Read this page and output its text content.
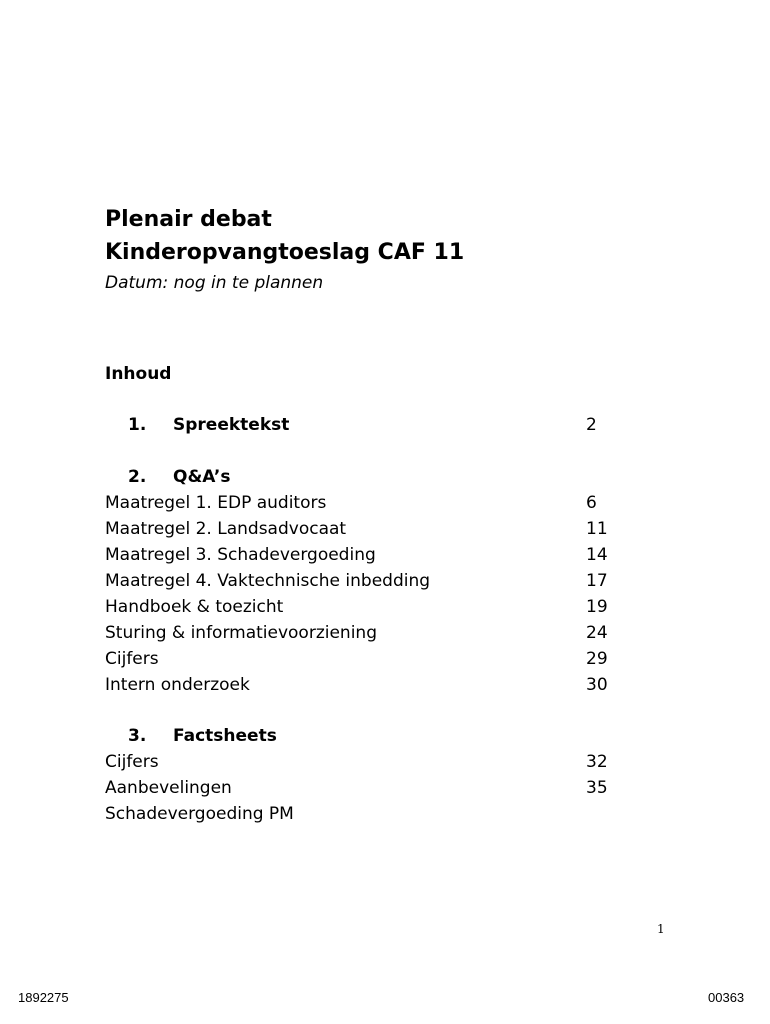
Plenair debat
Kinderopvangtoeslag CAF 11
Datum: nog in te plannen
Inhoud
1. Spreektekst	2
2. Q&A’s
Maatregel 1. EDP auditors	6
Maatregel 2. Landsadvocaat	11
Maatregel 3. Schadevergoeding	14
Maatregel 4. Vaktechnische inbedding	17
Handboek & toezicht	19
Sturing & informatievoorziening	24
Cijfers	29
Intern onderzoek	30
3. Factsheets
Cijfers	32
Aanbevelingen	35
Schadevergoeding PM
1
1892275	00363
